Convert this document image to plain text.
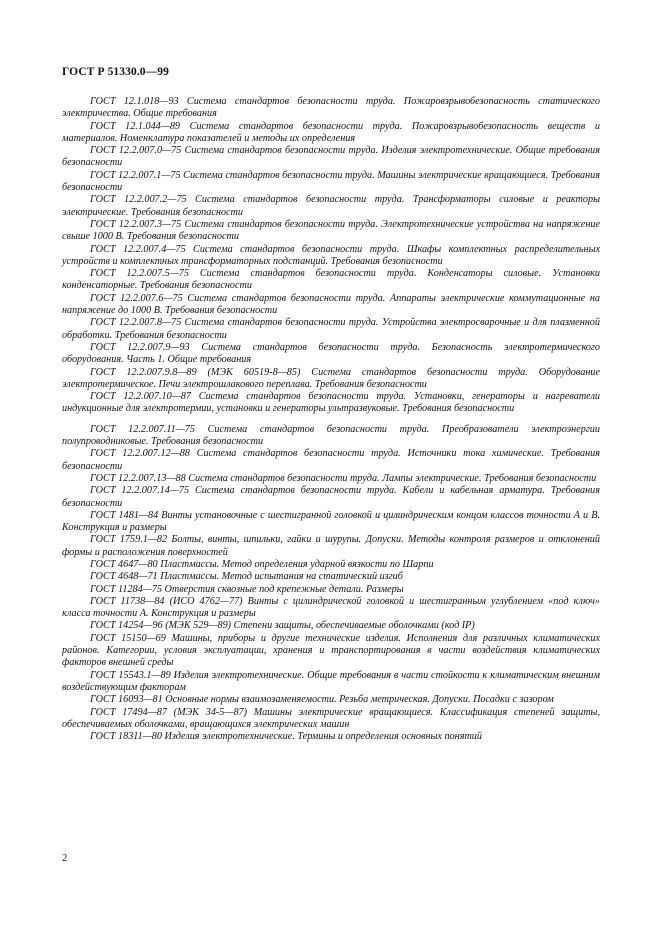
ГОСТ Р 51330.0—99

ГОСТ 12.1.018—93 Система стандартов безопасности труда. Пожаровзрывобезопасность статического электричества. Общие требования

ГОСТ 12.1.044—89 Система стандартов безопасности труда. Пожаровзрывобезопасность веществ и материалов. Номенклатура показателей и методы их определения

ГОСТ 12.2.007.0—75 Система стандартов безопасности труда. Изделия электротехнические. Общие требования безопасности

ГОСТ 12.2.007.1—75 Система стандартов безопасности труда. Машины электрические вращающиеся. Требования безопасности

ГОСТ 12.2.007.2—75 Система стандартов безопасности труда. Трансформаторы силовые и реакторы электрические. Требования безопасности

ГОСТ 12.2.007.3—75 Система стандартов безопасности труда. Электротехнические устройства на напряжение свыше 1000 В. Требования безопасности

ГОСТ 12.2.007.4—75 Система стандартов безопасности труда. Шкафы комплектных распределительных устройств и комплектных трансформаторных подстанций. Требования безопасности

ГОСТ 12.2.007.5—75 Система стандартов безопасности труда. Конденсаторы силовые. Установки конденсаторные. Требования безопасности

ГОСТ 12.2.007.6—75 Система стандартов безопасности труда. Аппараты электрические коммутационные на напряжение до 1000 В. Требования безопасности

ГОСТ 12.2.007.8—75 Система стандартов безопасности труда. Устройства электросварочные и для плазменной обработки. Требования безопасности

ГОСТ 12.2.007.9—93 Система стандартов безопасности труда. Безопасность электротермического оборудования. Часть 1. Общие требования

ГОСТ 12.2.007.9.8—89 (МЭК 60519-8—85) Система стандартов безопасности труда. Оборудование электротермическое. Печи электрошлакового переплава. Требования безопасности

ГОСТ 12.2.007.10—87 Система стандартов безопасности труда. Установки, генераторы и нагреватели индукционные для электротермии, установки и генераторы ультразвуковые. Требования безопасности

ГОСТ 12.2.007.11—75 Система стандартов безопасности труда. Преобразователи электроэнергии полупроводниковые. Требования безопасности

ГОСТ 12.2.007.12—88 Система стандартов безопасности труда. Источники тока химические. Требования безопасности

ГОСТ 12.2.007.13—88 Система стандартов безопасности труда. Лампы электрические. Требования безопасности

ГОСТ 12.2.007.14—75 Система стандартов безопасности труда. Кабели и кабельная арматура. Требования безопасности

ГОСТ 1481—84 Винты установочные с шестигранной головкой и цилиндрическим концом классов точности А и В. Конструкция и размеры

ГОСТ 1759.1—82 Болты, винты, шпильки, гайки и шурупы. Допуски. Методы контроля размеров и отклонений формы и расположения поверхностей

ГОСТ 4647—80 Пластмассы. Метод определения ударной вязкости по Шарпи

ГОСТ 4648—71 Пластмассы. Метод испытания на статический изгиб

ГОСТ 11284—75 Отверстия сквозные под крепежные детали. Размеры

ГОСТ 11738—84 (ИСО 4762—77) Винты с цилиндрической головкой и шестигранным углублением «под ключ» класса точности А. Конструкция и размеры

ГОСТ 14254—96 (МЭК 529—89) Степени защиты, обеспечиваемые оболочками (код IP)

ГОСТ 15150—69 Машины, приборы и другие технические изделия. Исполнения для различных климатических районов. Категории, условия эксплуатации, хранения и транспортирования в части воздействия климатических факторов внешней среды

ГОСТ 15543.1—89 Изделия электротехнические. Общие требования в части стойкости к климатическим внешним воздействующим факторам

ГОСТ 16093—81 Основные нормы взаимозаменяемости. Резьба метрическая. Допуски. Посадки с зазором

ГОСТ 17494—87 (МЭК 34-5—87) Машины электрические вращающиеся. Классификация степеней защиты, обеспечиваемых оболочками, вращающихся электрических машин

ГОСТ 18311—80 Изделия электротехнические. Термины и определения основных понятий

2
